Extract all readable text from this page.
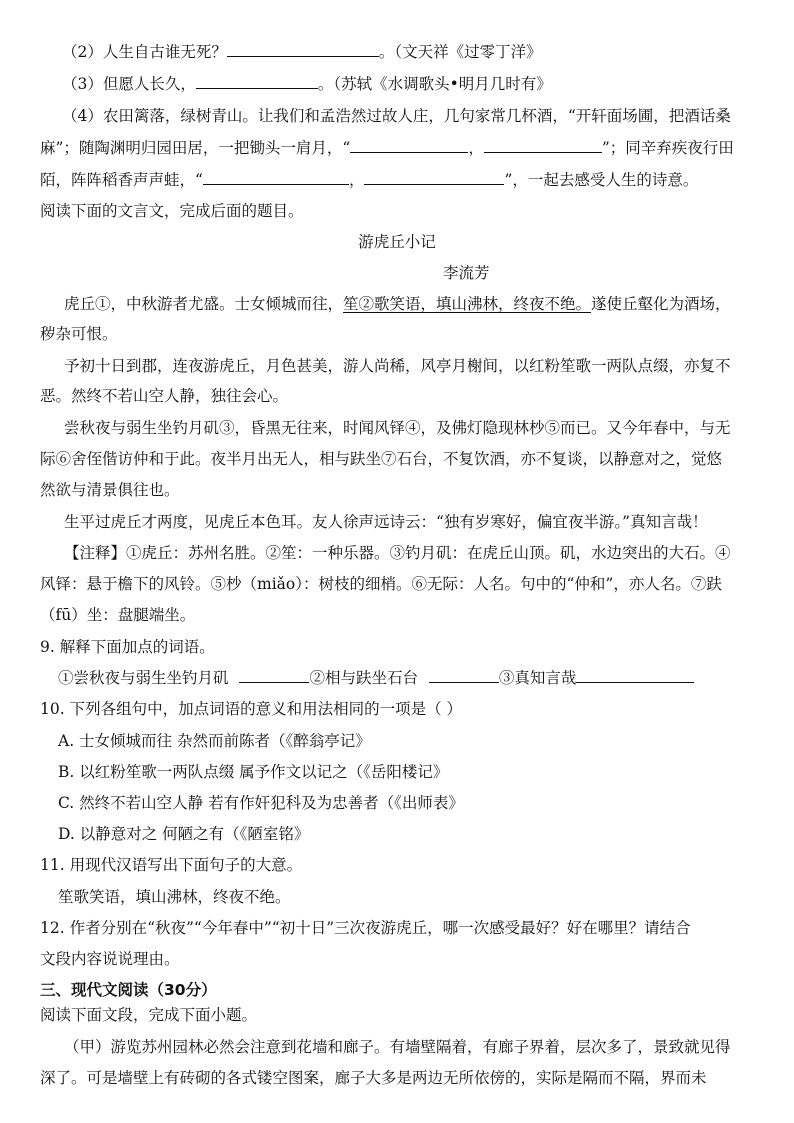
（2）人生自古谁无死？	。（文天祥《过零丁洋》
（3）但愿人长久，	。（苏轼《水调歌头•明月几时有》
（4）农田篱落，绿树青山。让我们和孟浩然过故人庄，几句家常几杯酒，“开轩面场圃，把酒话桑
麻”；随陶渊明归园田居，一把锄头一肩月，“	，	”；同辛弃疾夜行田
陌，阵阵稻香声声蛙，“	，	”，一起去感受人生的诗意。
阅读下面的文言文，完成后面的题目。
游虎丘小记
李流芳
虎丘①，中秋游者尤盛。士女倾城而往，笙②歌笑语，填山沸林，终夜不绝。遂使丘壑化为酒场，
秽杂可恨。
予初十日到郡，连夜游虎丘，月色甚美，游人尚稀，风亭月榭间，以红粉笙歌一两队点缀，亦复不
恶。然终不若山空人静，独往会心。
尝秋夜与弱生坐钓月矶③，昏黑无往来，时闻风铎④，及佛灯隐现林杪⑤而已。又今年春中，与无
际⑥舍侄偕访仲和于此。夜半月出无人，相与趺坐⑦石台，不复饮酒，亦不复谈，以静意对之，觉悠
然欲与清景俱往也。
生平过虎丘才两度，见虎丘本色耳。友人徐声远诗云：“独有岁寒好，偏宜夜半游。”真知言哉！
【注释】①虎丘：苏州名胜。②笙：一种乐器。③钓月矶：在虎丘山顶。矶，水边突出的大石。④
风铎：悬于檐下的风铃。⑤杪（miǎo）：树枝的细梢。⑥无际：人名。句中的“仲和”，亦人名。⑦趺
（fū）坐：盘腿端坐。
9. 解释下面加点的词语。
①尝秋夜与弱生坐钓月矶	②相与趺坐石台	③真知言哉
10. 下列各组句中，加点词语的意义和用法相同的一项是（ ）
A. 士女倾城而往 杂然而前陈者（《醉翁亭记》
B. 以红粉笙歌一两队点缀 属予作文以记之（《岳阳楼记》
C. 然终不若山空人静 若有作奸犯科及为忠善者（《出师表》
D. 以静意对之 何陋之有（《陋室铭》
11. 用现代汉语写出下面句子的大意。
笙歌笑语，填山沸林，终夜不绝。
12. 作者分别在“秋夜”“今年春中”“初十日”三次夜游虎丘，哪一次感受最好？好在哪里？请结合
文段内容说说理由。
三、现代文阅读（30分）
阅读下面文段，完成下面小题。
（甲）游览苏州园林必然会注意到花墙和廊子。有墙壁隔着，有廊子界着，层次多了，景致就见得
深了。可是墙壁上有砖砌的各式镂空图案，廊子大多是两边无所依傍的，实际是隔而不隔，界而未
